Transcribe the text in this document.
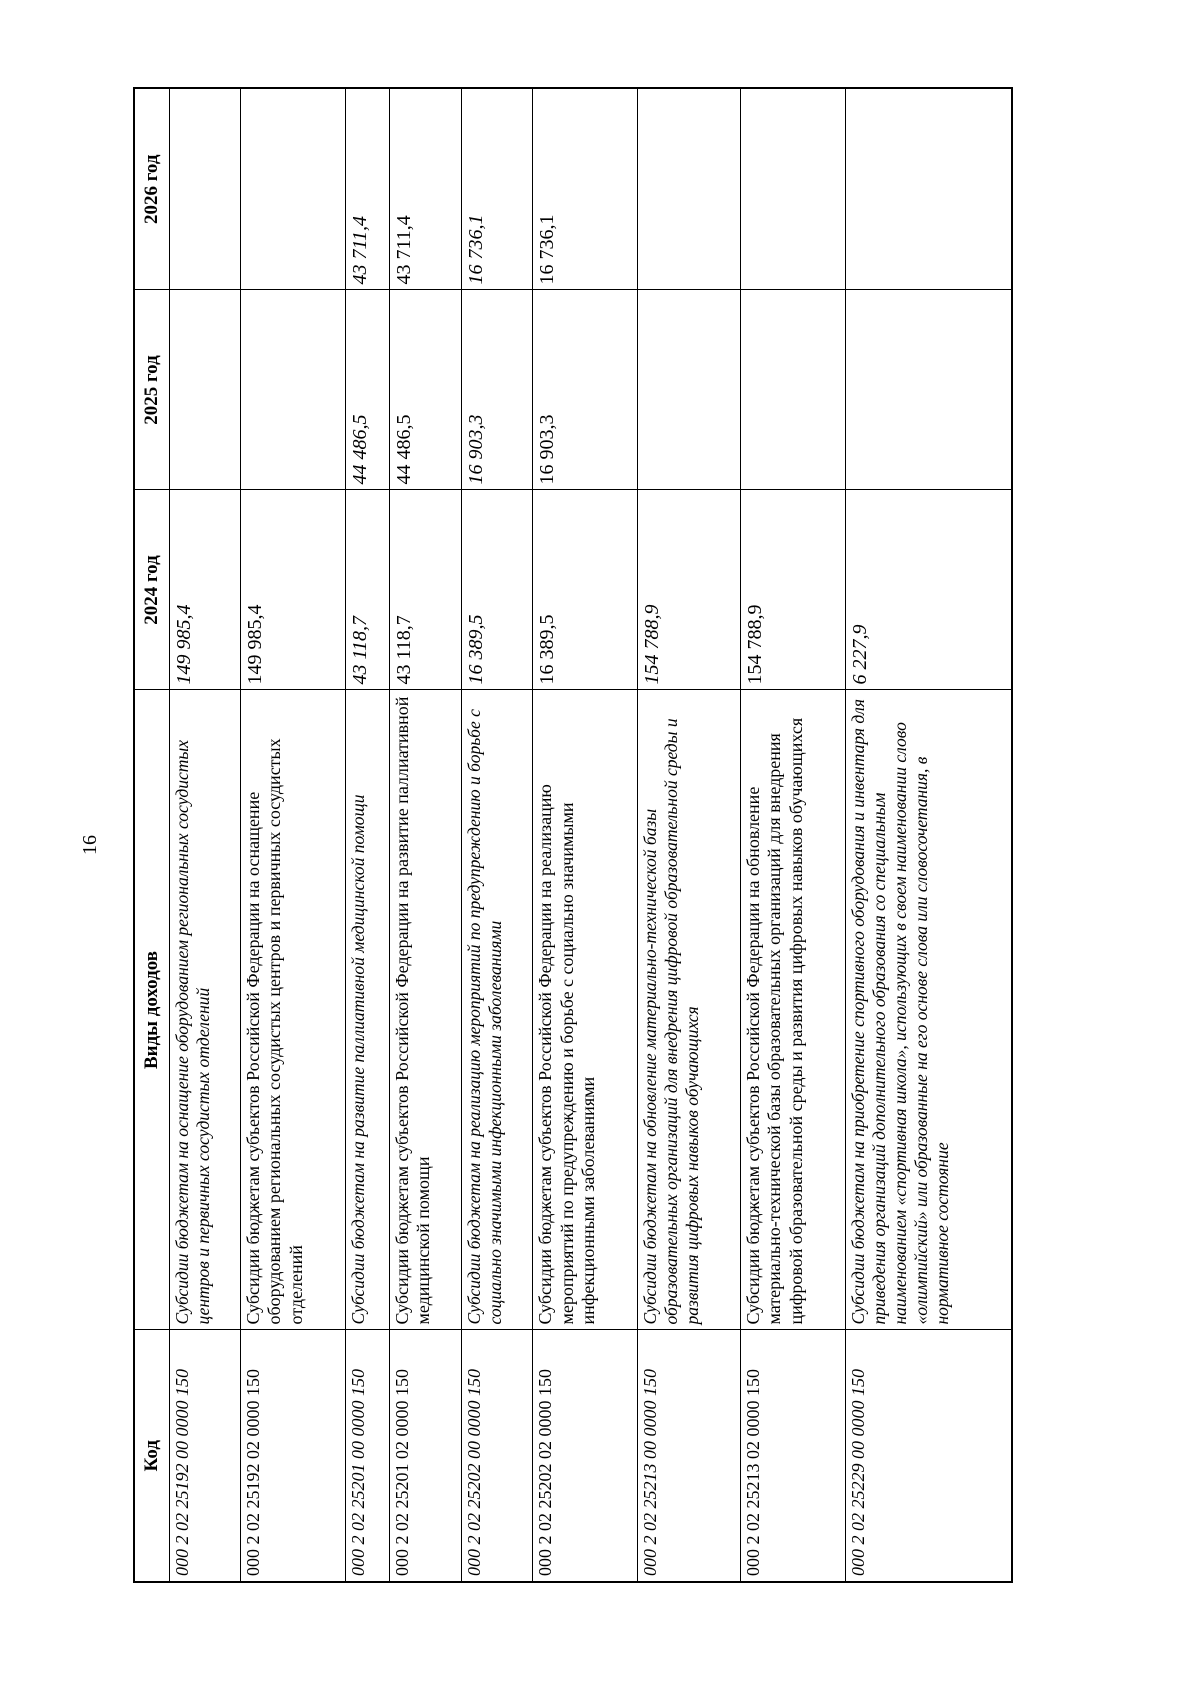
16
Код	Виды доходов	2024 год	2025 год	2026 год
000 2 02 25192 00 0000 150	Субсидии бюджетам на оснащение оборудованием региональных сосудистых центров и первичных сосудистых отделений	149 985,4		
000 2 02 25192 02 0000 150	Субсидии бюджетам субъектов Российской Федерации на оснащение оборудованием региональных сосудистых центров и первичных сосудистых отделений	149 985,4		
000 2 02 25201 00 0000 150	Субсидии бюджетам на развитие паллиативной медицинской помощи	43 118,7	44 486,5	43 711,4
000 2 02 25201 02 0000 150	Субсидии бюджетам субъектов Российской Федерации на развитие паллиативной медицинской помощи	43 118,7	44 486,5	43 711,4
000 2 02 25202 00 0000 150	Субсидии бюджетам на реализацию мероприятий по предупреждению и борьбе с социально значимыми инфекционными заболеваниями	16 389,5	16 903,3	16 736,1
000 2 02 25202 02 0000 150	Субсидии бюджетам субъектов Российской Федерации на реализацию мероприятий по предупреждению и борьбе с социально значимыми инфекционными заболеваниями	16 389,5	16 903,3	16 736,1
000 2 02 25213 00 0000 150	Субсидии бюджетам на обновление материально-технической базы образовательных организаций для внедрения цифровой образовательной среды и развития цифровых навыков обучающихся	154 788,9		
000 2 02 25213 02 0000 150	Субсидии бюджетам субъектов Российской Федерации на обновление материально-технической базы образовательных организаций для внедрения цифровой образовательной среды и развития цифровых навыков обучающихся	154 788,9		
000 2 02 25229 00 0000 150	Субсидии бюджетам на приобретение спортивного оборудования и инвентаря для приведения организаций дополнительного образования со специальным наименованием «спортивная школа», использующих в своем наименовании слово «олимпийский» или образованные на его основе слова или словосочетания, в нормативное состояние	6 227,9		
